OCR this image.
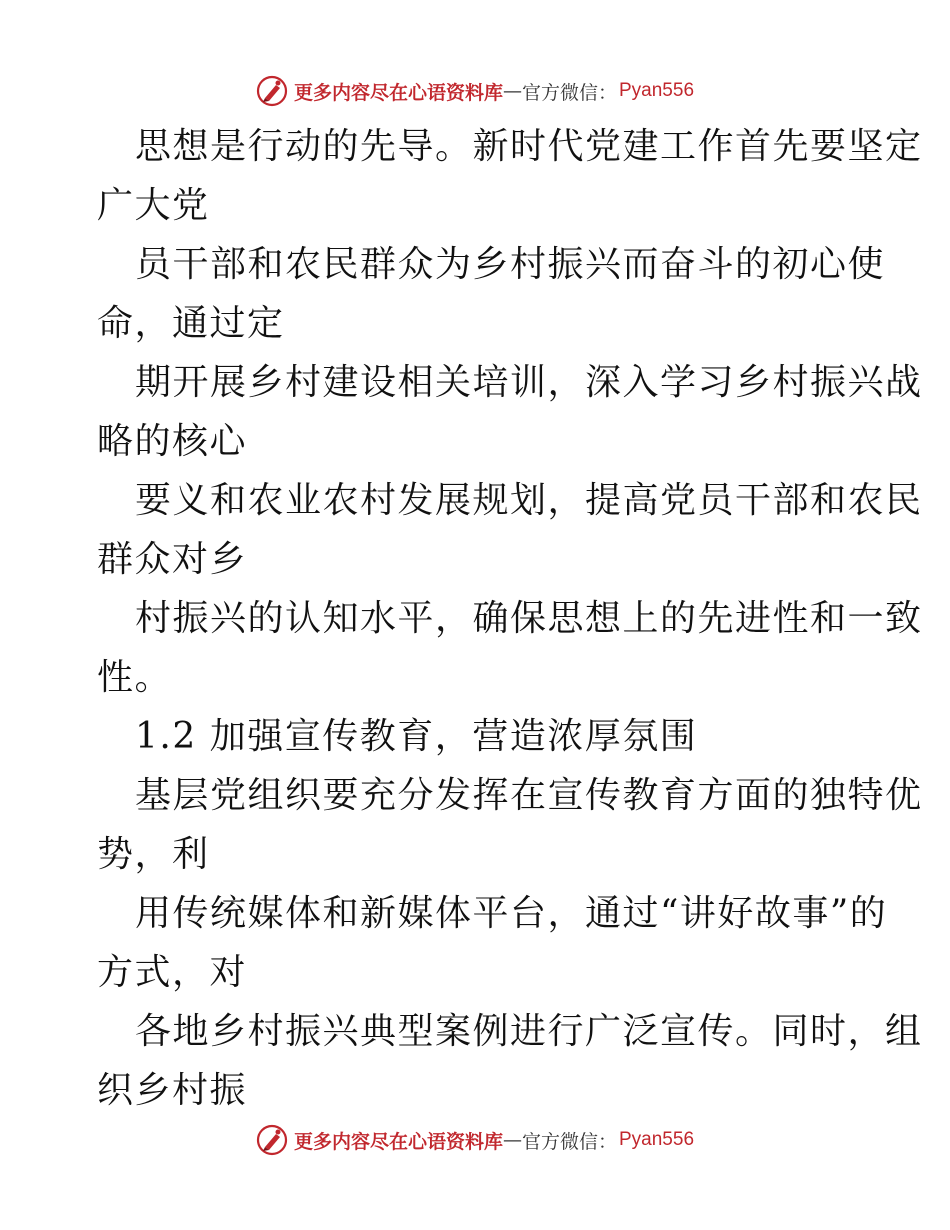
更多内容尽在心语资料库 — 官方微信： Pyan556
思想是行动的先导。新时代党建工作首先要坚定
广大党
员干部和农民群众为乡村振兴而奋斗的初心使
命，通过定
期开展乡村建设相关培训，深入学习乡村振兴战
略的核心
要义和农业农村发展规划，提高党员干部和农民
群众对乡
村振兴的认知水平，确保思想上的先进性和一致
性。
1.2 加强宣传教育，营造浓厚氛围
基层党组织要充分发挥在宣传教育方面的独特优
势，利
用传统媒体和新媒体平台，通过“讲好故事”的
方式，对
各地乡村振兴典型案例进行广泛宣传。同时，组
织乡村振
更多内容尽在心语资料库 — 官方微信： Pyan556
